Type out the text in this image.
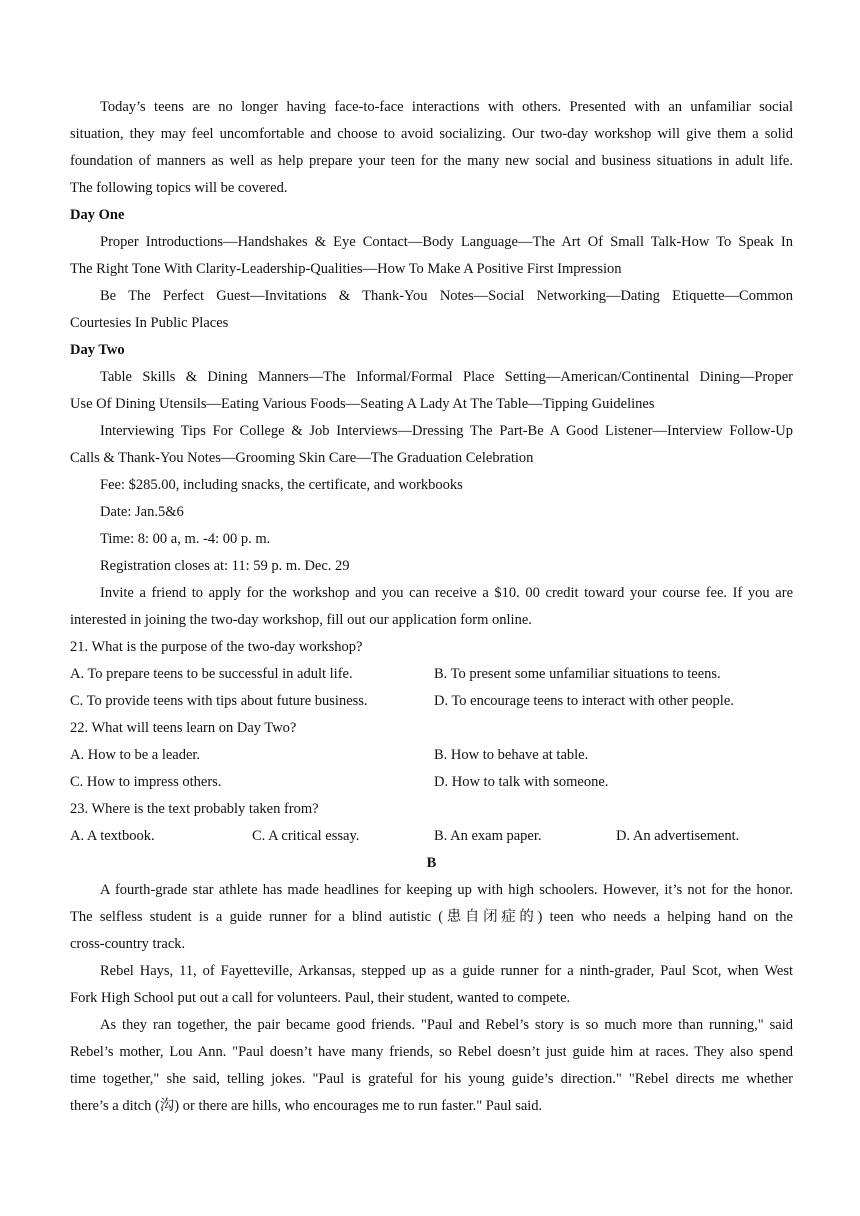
Today’s teens are no longer having face-to-face interactions with others. Presented with an unfamiliar social
situation, they may feel uncomfortable and choose to avoid socializing. Our two-day workshop will give them a solid
foundation of manners as well as help prepare your teen for the many new social and business situations in adult life.
The following topics will be covered.
Day One
Proper Introductions—Handshakes & Eye Contact—Body Language—The Art Of Small Talk-How To Speak In
The Right Tone With Clarity-Leadership-Qualities—How To Make A Positive First Impression
Be The Perfect Guest—Invitations & Thank-You Notes—Social Networking—Dating Etiquette—Common
Courtesies In Public Places
Day Two
Table Skills & Dining Manners—The Informal/Formal Place Setting—American/Continental Dining—Proper
Use Of Dining Utensils—Eating Various Foods—Seating A Lady At The Table—Tipping Guidelines
Interviewing Tips For College & Job Interviews—Dressing The Part-Be A Good Listener—Interview Follow-Up
Calls & Thank-You Notes—Grooming Skin Care—The Graduation Celebration
Fee: $285.00, including snacks, the certificate, and workbooks
Date: Jan.5&6
Time: 8: 00 a, m. -4: 00 p. m.
Registration closes at: 11: 59 p. m. Dec. 29
Invite a friend to apply for the workshop and you can receive a $10. 00 credit toward your course fee. If you are
interested in joining the two-day workshop, fill out our application form online.
21. What is the purpose of the two-day workshop?
A. To prepare teens to be successful in adult life.	B. To present some unfamiliar situations to teens.
C. To provide teens with tips about future business.	D. To encourage teens to interact with other people.
22. What will teens learn on Day Two?
A. How to be a leader.	B. How to behave at table.
C. How to impress others.	D. How to talk with someone.
23. Where is the text probably taken from?
A. A textbook.	C. A critical essay.	B. An exam paper.	D. An advertisement.
B
A fourth-grade star athlete has made headlines for keeping up with high schoolers. However, it’s not for the honor.
The selfless student is a guide runner for a blind autistic (患自闭症的) teen who needs a helping hand on the
cross-country track.
Rebel Hays, 11, of Fayetteville, Arkansas, stepped up as a guide runner for a ninth-grader, Paul Scot, when West
Fork High School put out a call for volunteers. Paul, their student, wanted to compete.
As they ran together, the pair became good friends. "Paul and Rebel’s story is so much more than running," said
Rebel’s mother, Lou Ann. "Paul doesn’t have many friends, so Rebel doesn’t just guide him at races. They also spend
time together," she said, telling jokes. "Paul is grateful for his young guide’s direction." "Rebel directs me whether
there’s a ditch (沟) or there are hills, who encourages me to run faster." Paul said.
